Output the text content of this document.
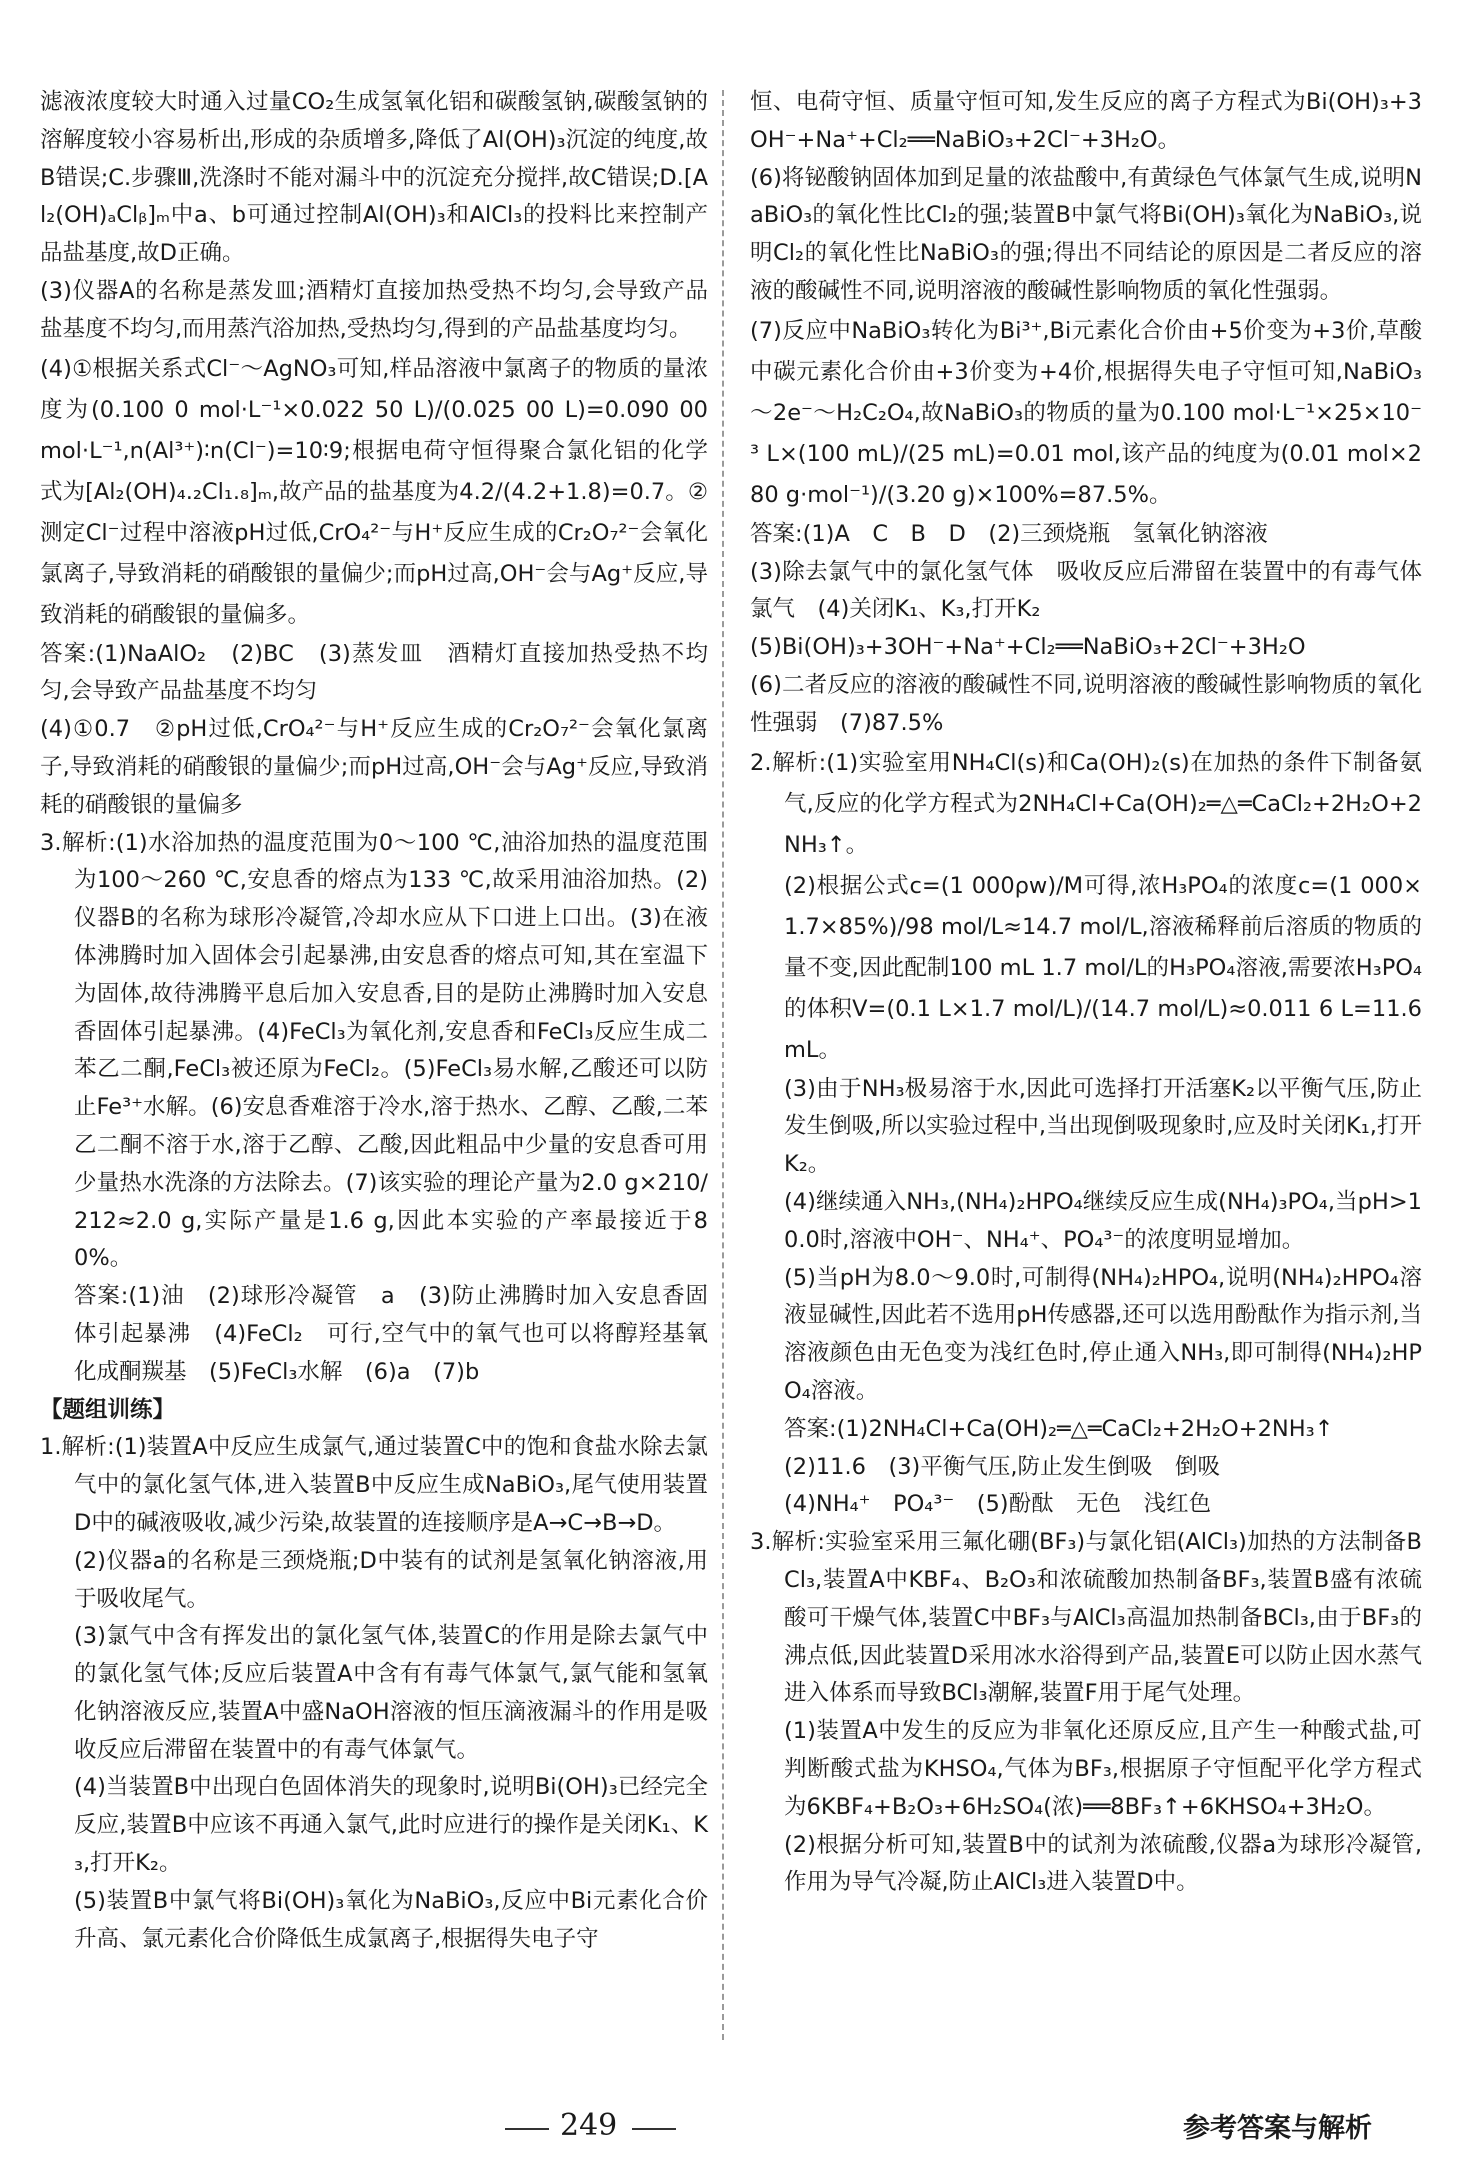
滤液浓度较大时通入过量CO₂生成氢氧化铝和碳酸氢钠,碳酸氢钠的溶解度较小容易析出,形成的杂质增多,降低了Al(OH)₃沉淀的纯度,故B错误;C.步骤Ⅲ,洗涤时不能对漏斗中的沉淀充分搅拌,故C错误;D.[Al₂(OH)ₐClᵦ]ₘ中a、b可通过控制Al(OH)₃和AlCl₃的投料比来控制产品盐基度,故D正确。

(3)仪器A的名称是蒸发皿;酒精灯直接加热受热不均匀,会导致产品盐基度不均匀,而用蒸汽浴加热,受热均匀,得到的产品盐基度均匀。

(4)①根据关系式Cl⁻～AgNO₃可知,样品溶液中氯离子的物质的量浓度为(0.100 0 mol·L⁻¹×0.022 50 L)/(0.025 00 L)=0.090 00 mol·L⁻¹,n(Al³⁺)∶n(Cl⁻)=10∶9;根据电荷守恒得聚合氯化铝的化学式为[Al₂(OH)₄.₂Cl₁.₈]ₘ,故产品的盐基度为4.2/(4.2+1.8)=0.7。②测定Cl⁻过程中溶液pH过低,CrO₄²⁻与H⁺反应生成的Cr₂O₇²⁻会氧化氯离子,导致消耗的硝酸银的量偏少;而pH过高,OH⁻会与Ag⁺反应,导致消耗的硝酸银的量偏多。

答案:(1)NaAlO₂　(2)BC　(3)蒸发皿　酒精灯直接加热受热不均匀,会导致产品盐基度不均匀

(4)①0.7　②pH过低,CrO₄²⁻与H⁺反应生成的Cr₂O₇²⁻会氧化氯离子,导致消耗的硝酸银的量偏少;而pH过高,OH⁻会与Ag⁺反应,导致消耗的硝酸银的量偏多

3.解析:(1)水浴加热的温度范围为0～100 ℃,油浴加热的温度范围为100～260 ℃,安息香的熔点为133 ℃,故采用油浴加热。(2)仪器B的名称为球形冷凝管,冷却水应从下口进上口出。(3)在液体沸腾时加入固体会引起暴沸,由安息香的熔点可知,其在室温下为固体,故待沸腾平息后加入安息香,目的是防止沸腾时加入安息香固体引起暴沸。(4)FeCl₃为氧化剂,安息香和FeCl₃反应生成二苯乙二酮,FeCl₃被还原为FeCl₂。(5)FeCl₃易水解,乙酸还可以防止Fe³⁺水解。(6)安息香难溶于冷水,溶于热水、乙醇、乙酸,二苯乙二酮不溶于水,溶于乙醇、乙酸,因此粗品中少量的安息香可用少量热水洗涤的方法除去。(7)该实验的理论产量为2.0 g×210/212≈2.0 g,实际产量是1.6 g,因此本实验的产率最接近于80%。

答案:(1)油　(2)球形冷凝管　a　(3)防止沸腾时加入安息香固体引起暴沸　(4)FeCl₂　可行,空气中的氧气也可以将醇羟基氧化成酮羰基　(5)FeCl₃水解　(6)a　(7)b

【题组训练】

1.解析:(1)装置A中反应生成氯气,通过装置C中的饱和食盐水除去氯气中的氯化氢气体,进入装置B中反应生成NaBiO₃,尾气使用装置D中的碱液吸收,减少污染,故装置的连接顺序是A→C→B→D。

(2)仪器a的名称是三颈烧瓶;D中装有的试剂是氢氧化钠溶液,用于吸收尾气。

(3)氯气中含有挥发出的氯化氢气体,装置C的作用是除去氯气中的氯化氢气体;反应后装置A中含有有毒气体氯气,氯气能和氢氧化钠溶液反应,装置A中盛NaOH溶液的恒压滴液漏斗的作用是吸收反应后滞留在装置中的有毒气体氯气。

(4)当装置B中出现白色固体消失的现象时,说明Bi(OH)₃已经完全反应,装置B中应该不再通入氯气,此时应进行的操作是关闭K₁、K₃,打开K₂。

(5)装置B中氯气将Bi(OH)₃氧化为NaBiO₃,反应中Bi元素化合价升高、氯元素化合价降低生成氯离子,根据得失电子守

恒、电荷守恒、质量守恒可知,发生反应的离子方程式为Bi(OH)₃+3OH⁻+Na⁺+Cl₂══NaBiO₃+2Cl⁻+3H₂O。

(6)将铋酸钠固体加到足量的浓盐酸中,有黄绿色气体氯气生成,说明NaBiO₃的氧化性比Cl₂的强;装置B中氯气将Bi(OH)₃氧化为NaBiO₃,说明Cl₂的氧化性比NaBiO₃的强;得出不同结论的原因是二者反应的溶液的酸碱性不同,说明溶液的酸碱性影响物质的氧化性强弱。

(7)反应中NaBiO₃转化为Bi³⁺,Bi元素化合价由+5价变为+3价,草酸中碳元素化合价由+3价变为+4价,根据得失电子守恒可知,NaBiO₃～2e⁻～H₂C₂O₄,故NaBiO₃的物质的量为0.100 mol·L⁻¹×25×10⁻³ L×(100 mL)/(25 mL)=0.01 mol,该产品的纯度为(0.01 mol×280 g·mol⁻¹)/(3.20 g)×100%=87.5%。

答案:(1)A　C　B　D　(2)三颈烧瓶　氢氧化钠溶液

(3)除去氯气中的氯化氢气体　吸收反应后滞留在装置中的有毒气体氯气　(4)关闭K₁、K₃,打开K₂

(5)Bi(OH)₃+3OH⁻+Na⁺+Cl₂══NaBiO₃+2Cl⁻+3H₂O

(6)二者反应的溶液的酸碱性不同,说明溶液的酸碱性影响物质的氧化性强弱　(7)87.5%

2.解析:(1)实验室用NH₄Cl(s)和Ca(OH)₂(s)在加热的条件下制备氨气,反应的化学方程式为2NH₄Cl+Ca(OH)₂═△═CaCl₂+2H₂O+2NH₃↑。

(2)根据公式c=(1 000ρw)/M可得,浓H₃PO₄的浓度c=(1 000×1.7×85%)/98 mol/L≈14.7 mol/L,溶液稀释前后溶质的物质的量不变,因此配制100 mL 1.7 mol/L的H₃PO₄溶液,需要浓H₃PO₄的体积V=(0.1 L×1.7 mol/L)/(14.7 mol/L)≈0.011 6 L=11.6 mL。

(3)由于NH₃极易溶于水,因此可选择打开活塞K₂以平衡气压,防止发生倒吸,所以实验过程中,当出现倒吸现象时,应及时关闭K₁,打开K₂。

(4)继续通入NH₃,(NH₄)₂HPO₄继续反应生成(NH₄)₃PO₄,当pH>10.0时,溶液中OH⁻、NH₄⁺、PO₄³⁻的浓度明显增加。

(5)当pH为8.0～9.0时,可制得(NH₄)₂HPO₄,说明(NH₄)₂HPO₄溶液显碱性,因此若不选用pH传感器,还可以选用酚酞作为指示剂,当溶液颜色由无色变为浅红色时,停止通入NH₃,即可制得(NH₄)₂HPO₄溶液。

答案:(1)2NH₄Cl+Ca(OH)₂═△═CaCl₂+2H₂O+2NH₃↑

(2)11.6　(3)平衡气压,防止发生倒吸　倒吸

(4)NH₄⁺　PO₄³⁻　(5)酚酞　无色　浅红色

3.解析:实验室采用三氟化硼(BF₃)与氯化铝(AlCl₃)加热的方法制备BCl₃,装置A中KBF₄、B₂O₃和浓硫酸加热制备BF₃,装置B盛有浓硫酸可干燥气体,装置C中BF₃与AlCl₃高温加热制备BCl₃,由于BF₃的沸点低,因此装置D采用冰水浴得到产品,装置E可以防止因水蒸气进入体系而导致BCl₃潮解,装置F用于尾气处理。

(1)装置A中发生的反应为非氧化还原反应,且产生一种酸式盐,可判断酸式盐为KHSO₄,气体为BF₃,根据原子守恒配平化学方程式为6KBF₄+B₂O₃+6H₂SO₄(浓)══8BF₃↑+6KHSO₄+3H₂O。

(2)根据分析可知,装置B中的试剂为浓硫酸,仪器a为球形冷凝管,作用为导气冷凝,防止AlCl₃进入装置D中。

249	参考答案与解析
